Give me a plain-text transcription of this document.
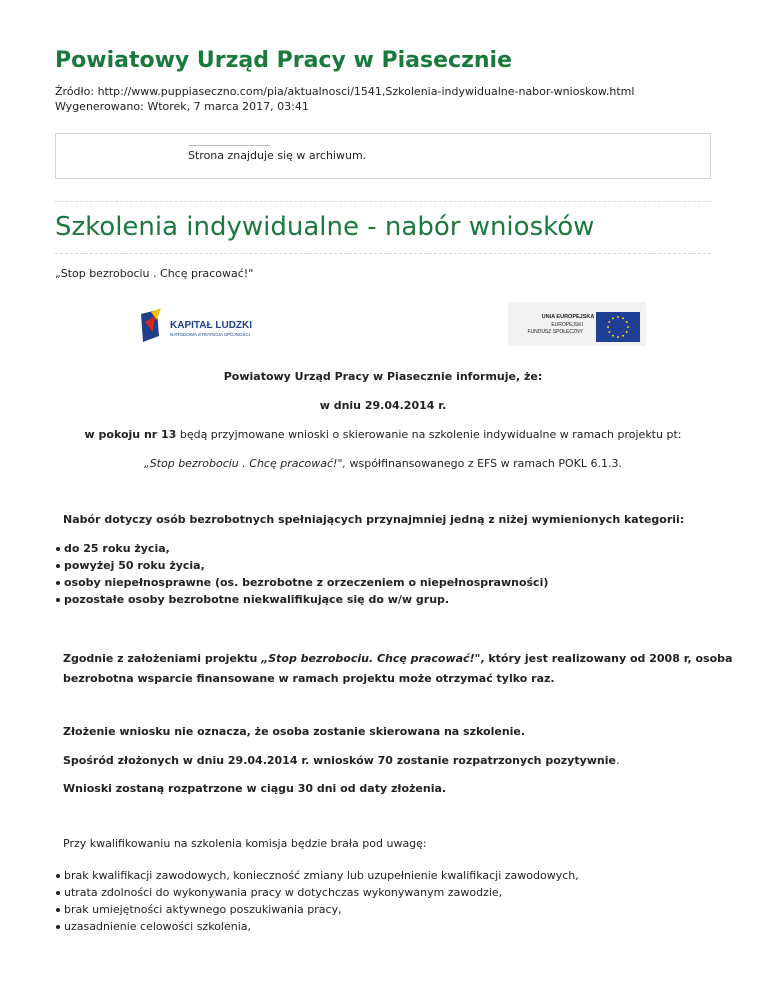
Powiatowy Urząd Pracy w Piasecznie
Źródło: http://www.puppiaseczno.com/pia/aktualnosci/1541,Szkolenia-indywidualne-nabor-wnioskow.html
Wygenerowano: Wtorek, 7 marca 2017, 03:41
Strona znajduje się w archiwum.
Szkolenia indywidualne - nabór wniosków
„Stop bezrobociu . Chcę pracować!"
KAPITAŁ LUDZKI
NARODOWA STRATEGIA SPÓJNOŚCI
UNIA EUROPEJSKA
EUROPEJSKI
FUNDUSZ SPOŁECZNY
Powiatowy Urząd Pracy w Piasecznie informuje, że:
w dniu 29.04.2014 r.
w pokoju nr 13 będą przyjmowane wnioski o skierowanie na szkolenie indywidualne w ramach projektu pt:
„Stop bezrobociu . Chcę pracować!", współfinansowanego z EFS w ramach POKL 6.1.3.
Nabór dotyczy osób bezrobotnych spełniających przynajmniej jedną z niżej wymienionych kategorii:
do 25 roku życia,
powyżej 50 roku życia,
osoby niepełnosprawne (os. bezrobotne z orzeczeniem o niepełnosprawności)
pozostałe osoby bezrobotne niekwalifikujące się do w/w grup.
Zgodnie z założeniami projektu „Stop bezrobociu. Chcę pracować!", który jest realizowany od 2008 r, osoba
bezrobotna wsparcie finansowane w ramach projektu może otrzymać tylko raz.
Złożenie wniosku nie oznacza, że osoba zostanie skierowana na szkolenie.
Spośród złożonych w dniu 29.04.2014 r. wniosków 70 zostanie rozpatrzonych pozytywnie.
Wnioski zostaną rozpatrzone w ciągu 30 dni od daty złożenia.
Przy kwalifikowaniu na szkolenia komisja będzie brała pod uwagę:
brak kwalifikacji zawodowych, konieczność zmiany lub uzupełnienie kwalifikacji zawodowych,
utrata zdolności do wykonywania pracy w dotychczas wykonywanym zawodzie,
brak umiejętności aktywnego poszukiwania pracy,
uzasadnienie celowości szkolenia,
